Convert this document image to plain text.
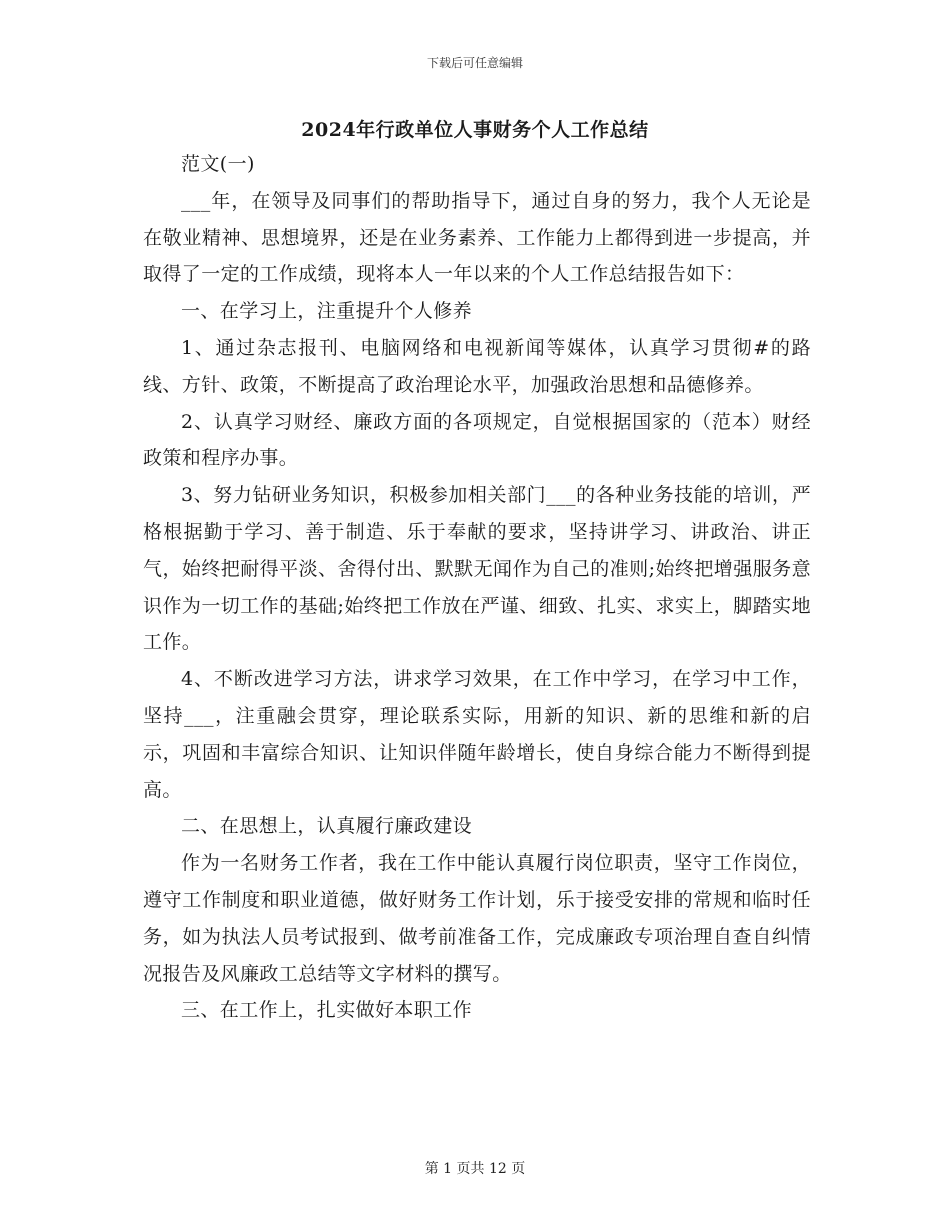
下载后可任意编辑
2024年行政单位人事财务个人工作总结

范文(一)

___年，在领导及同事们的帮助指导下，通过自身的努力，我个人无论是在敬业精神、思想境界，还是在业务素养、工作能力上都得到进一步提高，并取得了一定的工作成绩，现将本人一年以来的个人工作总结报告如下：

一、在学习上，注重提升个人修养

1、通过杂志报刊、电脑网络和电视新闻等媒体，认真学习贯彻#的路线、方针、政策，不断提高了政治理论水平，加强政治思想和品德修养。

2、认真学习财经、廉政方面的各项规定，自觉根据国家的（范本）财经政策和程序办事。

3、努力钻研业务知识，积极参加相关部门___的各种业务技能的培训，严格根据勤于学习、善于制造、乐于奉献的要求，坚持讲学习、讲政治、讲正气，始终把耐得平淡、舍得付出、默默无闻作为自己的准则;始终把增强服务意识作为一切工作的基础;始终把工作放在严谨、细致、扎实、求实上，脚踏实地工作。

4、不断改进学习方法，讲求学习效果，在工作中学习，在学习中工作，坚持___，注重融会贯穿，理论联系实际，用新的知识、新的思维和新的启示，巩固和丰富综合知识、让知识伴随年龄增长，使自身综合能力不断得到提高。

二、在思想上，认真履行廉政建设

作为一名财务工作者，我在工作中能认真履行岗位职责，坚守工作岗位，遵守工作制度和职业道德，做好财务工作计划，乐于接受安排的常规和临时任务，如为执法人员考试报到、做考前准备工作，完成廉政专项治理自查自纠情况报告及风廉政工总结等文字材料的撰写。

三、在工作上，扎实做好本职工作

第 1 页共 12 页
